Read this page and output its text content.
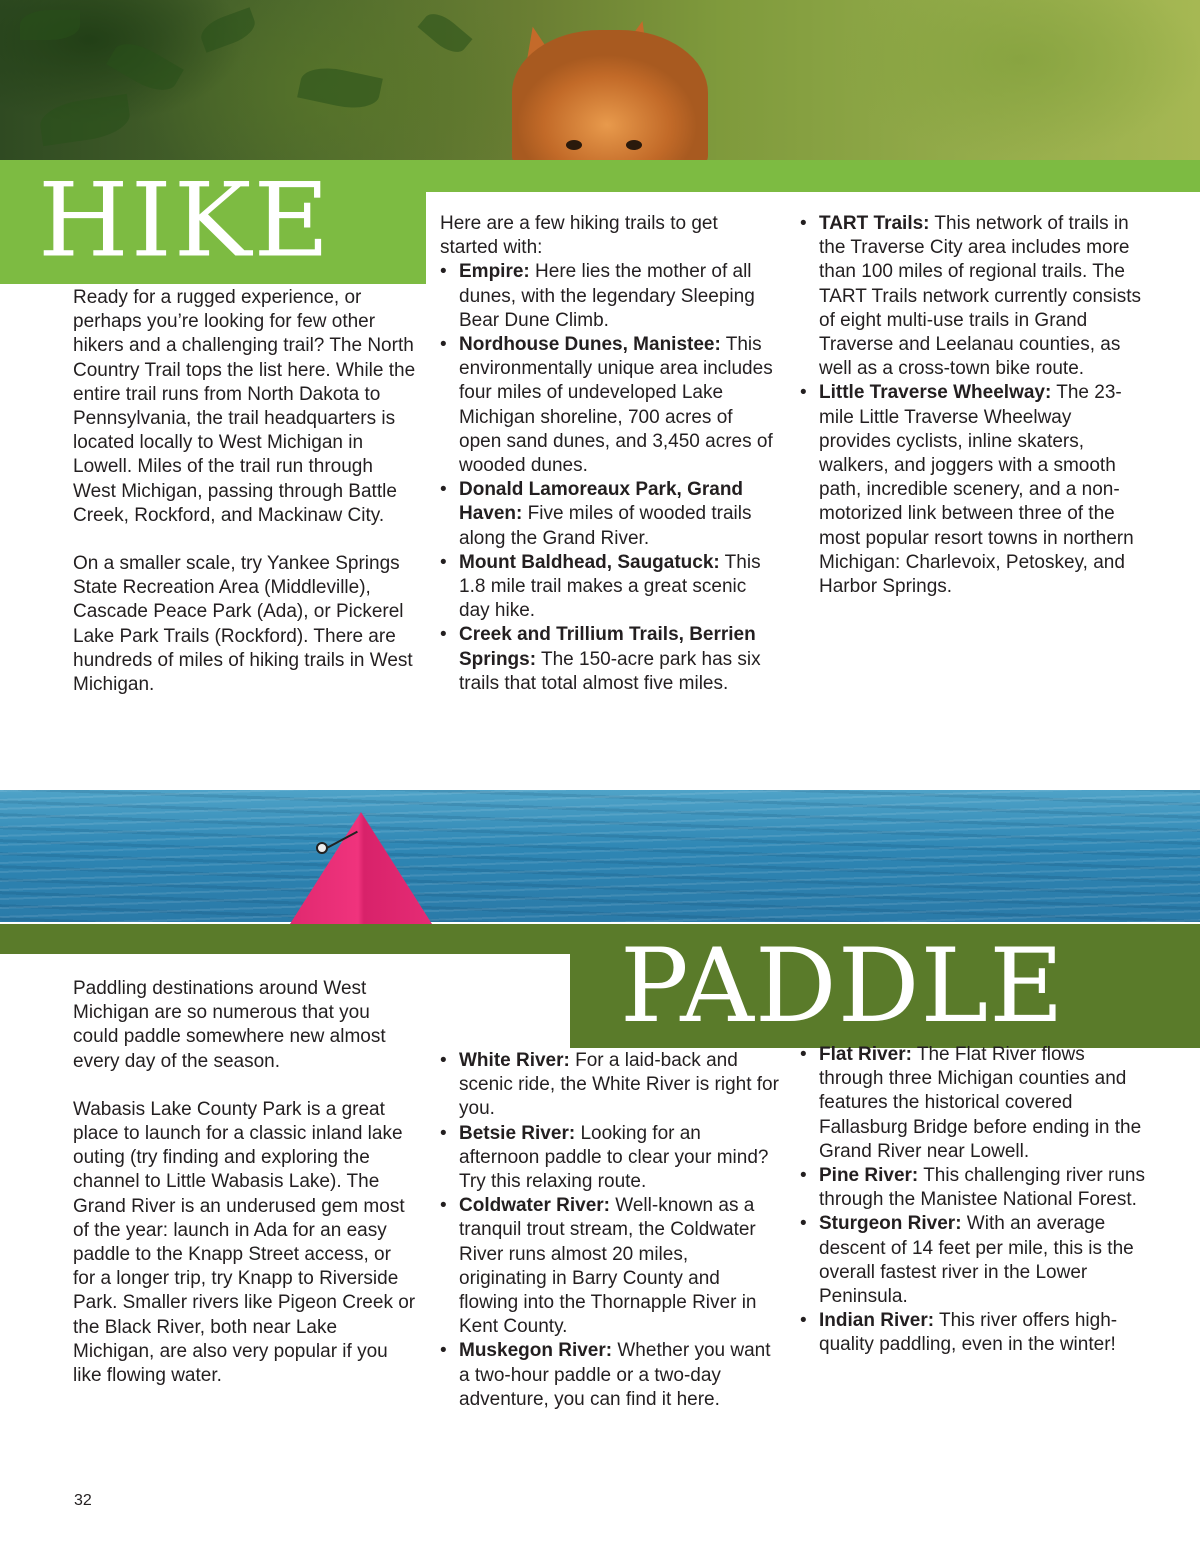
HIKE

Ready for a rugged experience, or perhaps you’re looking for few other hikers and a challenging trail? The North Country Trail tops the list here. While the entire trail runs from North Dakota to Pennsylvania, the trail headquarters is located locally to West Michigan in Lowell. Miles of the trail run through West Michigan, passing through Battle Creek, Rockford, and Mackinaw City.

On a smaller scale, try Yankee Springs State Recreation Area (Middleville), Cascade Peace Park (Ada), or Pickerel Lake Park Trails (Rockford). There are hundreds of miles of hiking trails in West Michigan.

Here are a few hiking trails to get started with:

• Empire: Here lies the mother of all dunes, with the legendary Sleeping Bear Dune Climb.
• Nordhouse Dunes, Manistee: This environmentally unique area includes four miles of undeveloped Lake Michigan shoreline, 700 acres of open sand dunes, and 3,450 acres of wooded dunes.
• Donald Lamoreaux Park, Grand Haven: Five miles of wooded trails along the Grand River.
• Mount Baldhead, Saugatuck: This 1.8 mile trail makes a great scenic day hike.
• Creek and Trillium Trails, Berrien Springs: The 150-acre park has six trails that total almost five miles.
• TART Trails: This network of trails in the Traverse City area includes more than 100 miles of regional trails. The TART Trails network currently consists of eight multi-use trails in Grand Traverse and Leelanau counties, as well as a cross-town bike route.
• Little Traverse Wheelway: The 23-mile Little Traverse Wheelway provides cyclists, inline skaters, walkers, and joggers with a smooth path, incredible scenery, and a non-motorized link between three of the most popular resort towns in northern Michigan: Charlevoix, Petoskey, and Harbor Springs.
PADDLE

Paddling destinations around West Michigan are so numerous that you could paddle somewhere new almost every day of the season.

Wabasis Lake County Park is a great place to launch for a classic inland lake outing (try finding and exploring the channel to Little Wabasis Lake). The Grand River is an underused gem most of the year: launch in Ada for an easy paddle to the Knapp Street access, or for a longer trip, try Knapp to Riverside Park. Smaller rivers like Pigeon Creek or the Black River, both near Lake Michigan, are also very popular if you like flowing water.

• White River: For a laid-back and scenic ride, the White River is right for you.
• Betsie River: Looking for an afternoon paddle to clear your mind? Try this relaxing route.
• Coldwater River: Well-known as a tranquil trout stream, the Coldwater River runs almost 20 miles, originating in Barry County and flowing into the Thornapple River in Kent County.
• Muskegon River: Whether you want a two-hour paddle or a two-day adventure, you can find it here.
• Flat River: The Flat River flows through three Michigan counties and features the historical covered Fallasburg Bridge before ending in the Grand River near Lowell.
• Pine River: This challenging river runs through the Manistee National Forest.
• Sturgeon River: With an average descent of 14 feet per mile, this is the overall fastest river in the Lower Peninsula.
• Indian River: This river offers high-quality paddling, even in the winter!
32
